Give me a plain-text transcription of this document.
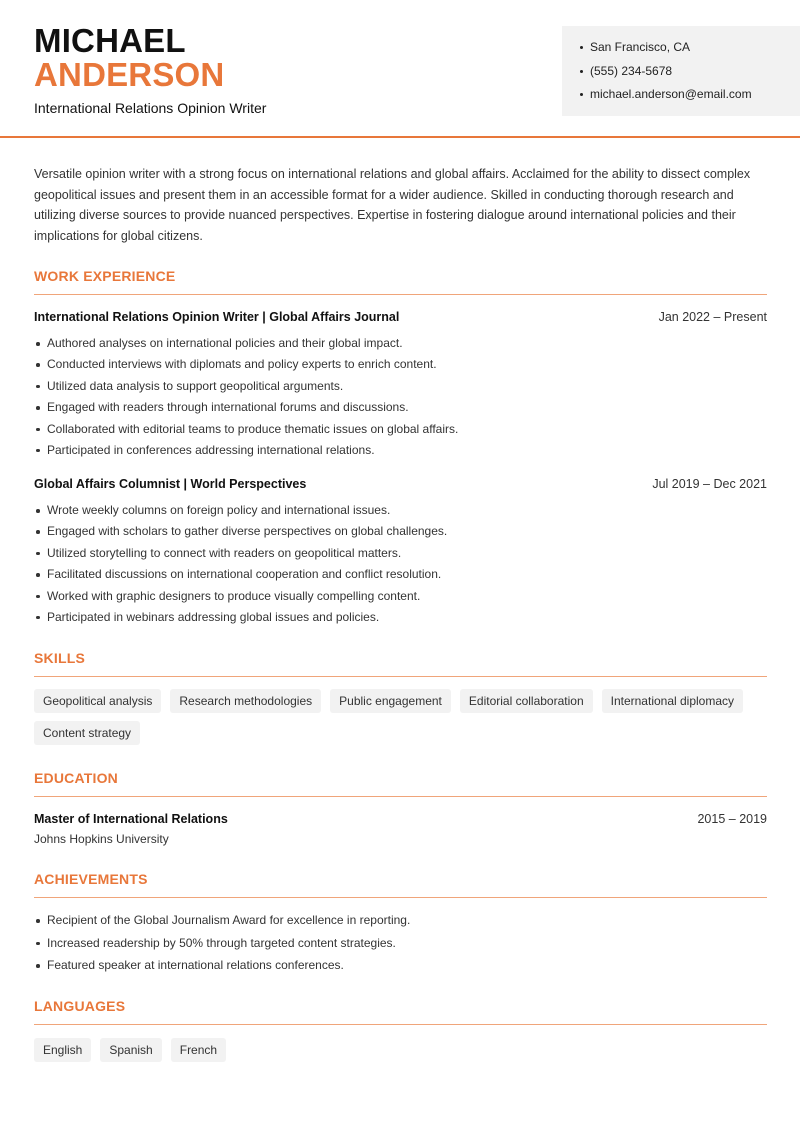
MICHAEL
ANDERSON
International Relations Opinion Writer
San Francisco, CA
(555) 234-5678
michael.anderson@email.com

Versatile opinion writer with a strong focus on international relations and global affairs. Acclaimed for the ability to dissect complex geopolitical issues and present them in an accessible format for a wider audience. Skilled in conducting thorough research and utilizing diverse sources to provide nuanced perspectives. Expertise in fostering dialogue around international policies and their implications for global citizens.

WORK EXPERIENCE
International Relations Opinion Writer | Global Affairs Journal	Jan 2022 – Present
Authored analyses on international policies and their global impact.
Conducted interviews with diplomats and policy experts to enrich content.
Utilized data analysis to support geopolitical arguments.
Engaged with readers through international forums and discussions.
Collaborated with editorial teams to produce thematic issues on global affairs.
Participated in conferences addressing international relations.
Global Affairs Columnist | World Perspectives	Jul 2019 – Dec 2021
Wrote weekly columns on foreign policy and international issues.
Engaged with scholars to gather diverse perspectives on global challenges.
Utilized storytelling to connect with readers on geopolitical matters.
Facilitated discussions on international cooperation and conflict resolution.
Worked with graphic designers to produce visually compelling content.
Participated in webinars addressing global issues and policies.
SKILLS
Geopolitical analysis	Research methodologies	Public engagement	Editorial collaboration	International diplomacy
Content strategy
EDUCATION
Master of International Relations	2015 – 2019
Johns Hopkins University
ACHIEVEMENTS
Recipient of the Global Journalism Award for excellence in reporting.
Increased readership by 50% through targeted content strategies.
Featured speaker at international relations conferences.
LANGUAGES
English	Spanish	French
